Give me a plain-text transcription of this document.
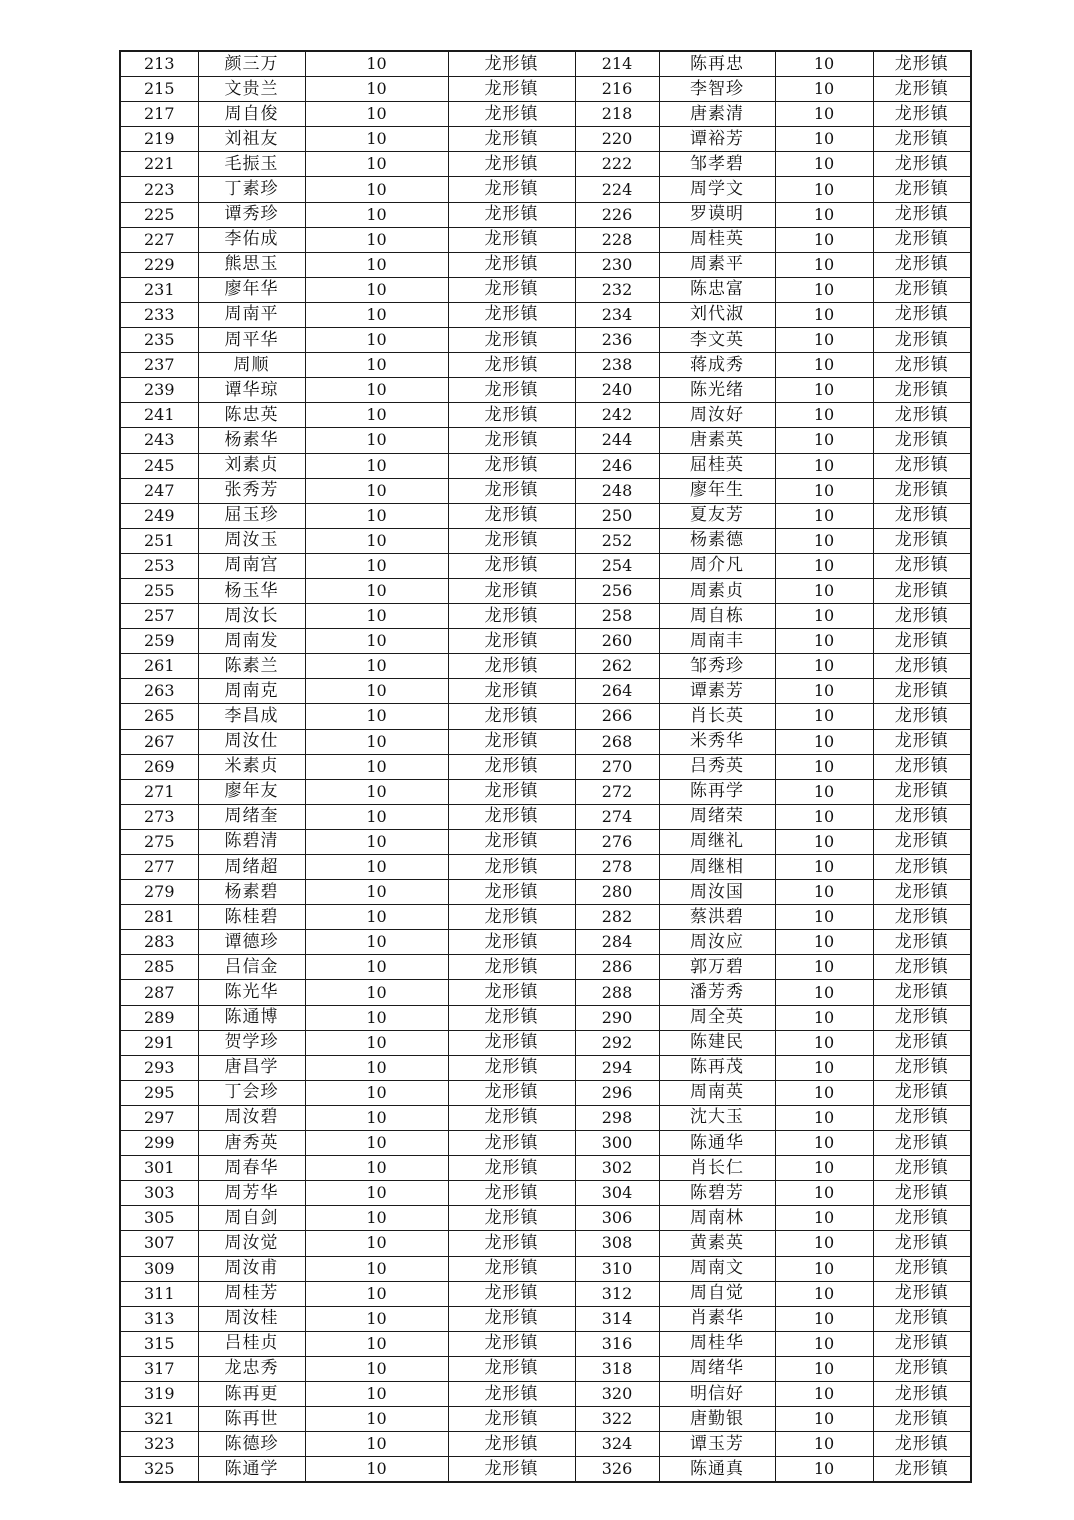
213	颜三万	10	龙形镇	214	陈再忠	10	龙形镇
215	文贵兰	10	龙形镇	216	李智珍	10	龙形镇
217	周自俊	10	龙形镇	218	唐素清	10	龙形镇
219	刘祖友	10	龙形镇	220	谭裕芳	10	龙形镇
221	毛振玉	10	龙形镇	222	邹孝碧	10	龙形镇
223	丁素珍	10	龙形镇	224	周学文	10	龙形镇
225	谭秀珍	10	龙形镇	226	罗谟明	10	龙形镇
227	李佑成	10	龙形镇	228	周桂英	10	龙形镇
229	熊思玉	10	龙形镇	230	周素平	10	龙形镇
231	廖年华	10	龙形镇	232	陈忠富	10	龙形镇
233	周南平	10	龙形镇	234	刘代淑	10	龙形镇
235	周平华	10	龙形镇	236	李文英	10	龙形镇
237	周顺	10	龙形镇	238	蒋成秀	10	龙形镇
239	谭华琼	10	龙形镇	240	陈光绪	10	龙形镇
241	陈忠英	10	龙形镇	242	周汝好	10	龙形镇
243	杨素华	10	龙形镇	244	唐素英	10	龙形镇
245	刘素贞	10	龙形镇	246	屈桂英	10	龙形镇
247	张秀芳	10	龙形镇	248	廖年生	10	龙形镇
249	屈玉珍	10	龙形镇	250	夏友芳	10	龙形镇
251	周汝玉	10	龙形镇	252	杨素德	10	龙形镇
253	周南宫	10	龙形镇	254	周介凡	10	龙形镇
255	杨玉华	10	龙形镇	256	周素贞	10	龙形镇
257	周汝长	10	龙形镇	258	周自栋	10	龙形镇
259	周南发	10	龙形镇	260	周南丰	10	龙形镇
261	陈素兰	10	龙形镇	262	邹秀珍	10	龙形镇
263	周南克	10	龙形镇	264	谭素芳	10	龙形镇
265	李昌成	10	龙形镇	266	肖长英	10	龙形镇
267	周汝仕	10	龙形镇	268	米秀华	10	龙形镇
269	米素贞	10	龙形镇	270	吕秀英	10	龙形镇
271	廖年友	10	龙形镇	272	陈再学	10	龙形镇
273	周绪奎	10	龙形镇	274	周绪荣	10	龙形镇
275	陈碧清	10	龙形镇	276	周继礼	10	龙形镇
277	周绪超	10	龙形镇	278	周继相	10	龙形镇
279	杨素碧	10	龙形镇	280	周汝国	10	龙形镇
281	陈桂碧	10	龙形镇	282	蔡洪碧	10	龙形镇
283	谭德珍	10	龙形镇	284	周汝应	10	龙形镇
285	吕信金	10	龙形镇	286	郭万碧	10	龙形镇
287	陈光华	10	龙形镇	288	潘芳秀	10	龙形镇
289	陈通博	10	龙形镇	290	周全英	10	龙形镇
291	贺学珍	10	龙形镇	292	陈建民	10	龙形镇
293	唐昌学	10	龙形镇	294	陈再茂	10	龙形镇
295	丁会珍	10	龙形镇	296	周南英	10	龙形镇
297	周汝碧	10	龙形镇	298	沈大玉	10	龙形镇
299	唐秀英	10	龙形镇	300	陈通华	10	龙形镇
301	周春华	10	龙形镇	302	肖长仁	10	龙形镇
303	周芳华	10	龙形镇	304	陈碧芳	10	龙形镇
305	周自剑	10	龙形镇	306	周南林	10	龙形镇
307	周汝觉	10	龙形镇	308	黄素英	10	龙形镇
309	周汝甫	10	龙形镇	310	周南文	10	龙形镇
311	周桂芳	10	龙形镇	312	周自觉	10	龙形镇
313	周汝桂	10	龙形镇	314	肖素华	10	龙形镇
315	吕桂贞	10	龙形镇	316	周桂华	10	龙形镇
317	龙忠秀	10	龙形镇	318	周绪华	10	龙形镇
319	陈再更	10	龙形镇	320	明信好	10	龙形镇
321	陈再世	10	龙形镇	322	唐勤银	10	龙形镇
323	陈德珍	10	龙形镇	324	谭玉芳	10	龙形镇
325	陈通学	10	龙形镇	326	陈通真	10	龙形镇
